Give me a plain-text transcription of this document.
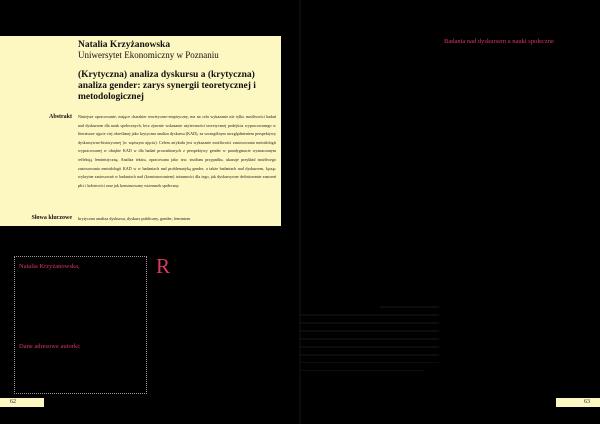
Natalia Krzyżanowska
Uniwersytet Ekonomiczny w Poznaniu
(Krytyczna) analiza dyskursu a (krytyczna) analiza gender: zarys synergii teoretycznej i metodologicznej
Abstrakt Niniejsze opracowanie, mające charakter teoretyczno-empiryczny, ma na celu wykazanie nie tylko możliwości badań nad dyskursem dla nauk społecznych, lecz zjawnie wskazanie użyteczności teoretycznej podejścia wypracowanego w literaturze ujęcie ciej określanej jako krytyczna analiza dyskursu (KAD), za szczególnym uwzględnieniem perspektywy dyskursywno-historycznej (w węższym ujęciu). Celem artykułu jest wykazanie możliwości zastosowania metodologii wypracowanej w obrębie KAD w dla badań prowadzonych z perspektywy gender w paradygmacie wyznaczanym refleksją feministyczną. Analiza tekstu, opracowana jako tzw. studium przypadku, ukazuje przykład możliwego zastosowania metodologii KAD w w badaniach nad problematyką gender, a także badaniach nad dyskursem, łącząc wykrytne zastosowań w badaniach nad (konstruowaniem) tożsamości dla tego, jak dyskursywne definiowanie znaczeń płci i kobiecości oraz jak konstruowany wizerunek społeczny.
Słowa kluczowe krytyczna analiza dyskursu, dyskurs publiczny, gender, feminizm
Natalia Krzyżanowska,
Dane adresowe autorki:
R
Badania nad dyskursem a nauki społeczne
62	63
